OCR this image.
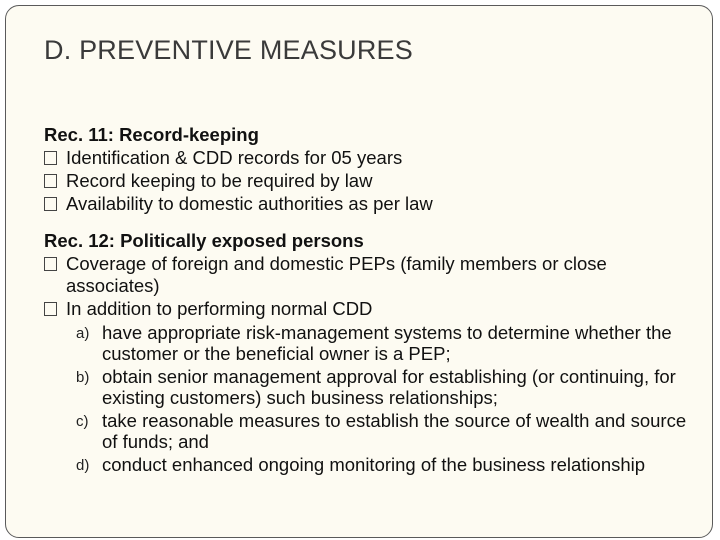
D. PREVENTIVE MEASURES
Rec. 11: Record-keeping
Identification & CDD records for 05 years
Record keeping to be required by law
Availability to domestic authorities as per law
Rec. 12: Politically exposed persons
Coverage of foreign and domestic PEPs (family members or close associates)
In addition to performing normal CDD
a) have appropriate risk-management systems to determine whether the customer or the beneficial owner is a PEP;
b) obtain senior management approval for establishing (or continuing, for existing customers) such business relationships;
c) take reasonable measures to establish the source of wealth and source of funds; and
d) conduct enhanced ongoing monitoring of the business relationship
